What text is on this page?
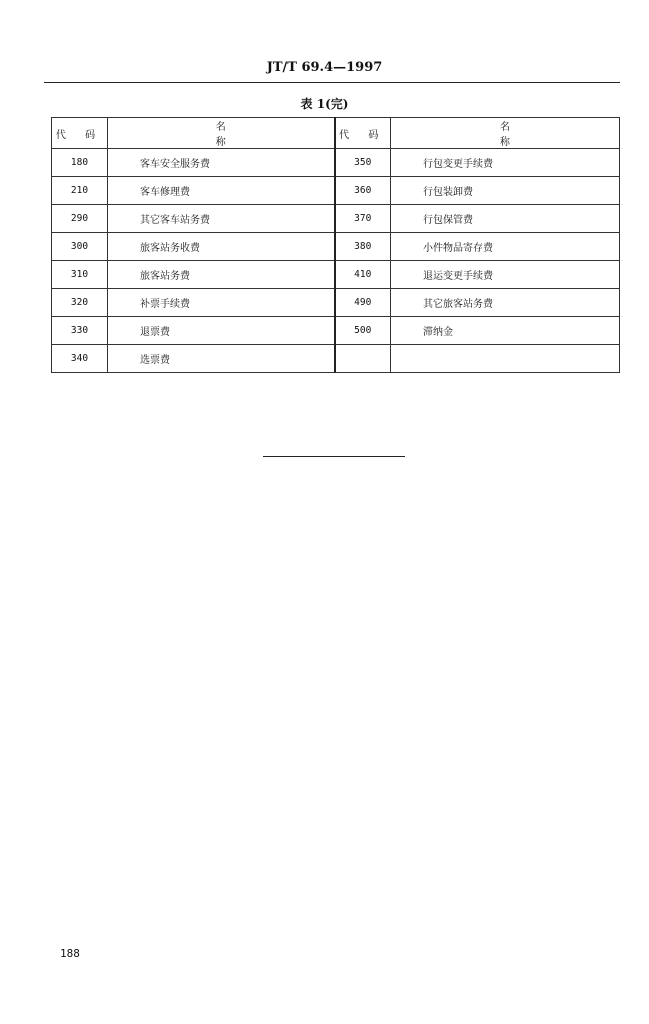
JT/T 69.4—1997
表 1(完)
代 码	名 称	代 码	名 称
180	客车安全服务费	350	行包变更手续费
210	客车修理费	360	行包装卸费
290	其它客车站务费	370	行包保管费
300	旅客站务收费	380	小件物品寄存费
310	旅客站务费	410	退运变更手续费
320	补票手续费	490	其它旅客站务费
330	退票费	500	滞纳金
340	选票费		
188
